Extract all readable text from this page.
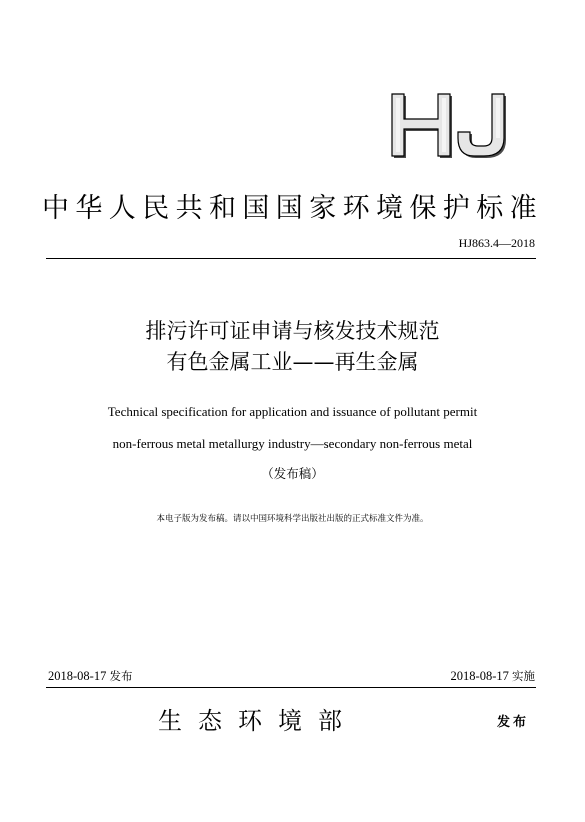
中华人民共和国国家环境保护标准
HJ863.4—2018
排污许可证申请与核发技术规范
有色金属工业——再生金属
Technical specification for application and issuance of pollutant permit
non-ferrous metal metallurgy industry—secondary non-ferrous metal
（发布稿）
本电子版为发布稿。请以中国环境科学出版社出版的正式标准文件为准。
2018-08-17 发布	2018-08-17 实施
生态环境部	发布
